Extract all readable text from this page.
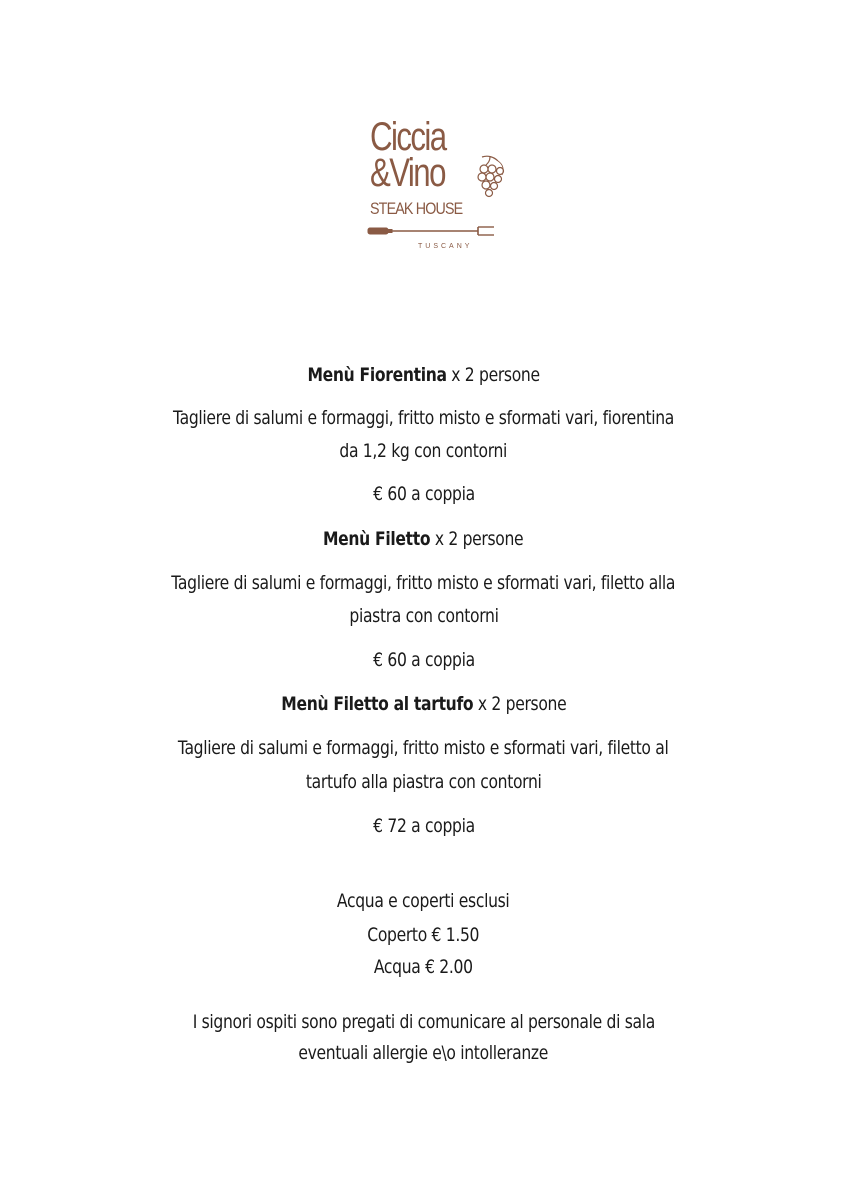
Ciccia
&Vino
STEAK HOUSE
TUSCANY
Menù Fiorentina x 2 persone
Tagliere di salumi e formaggi, fritto misto e sformati vari, fiorentina
da 1,2 kg con contorni
€ 60 a coppia
Menù Filetto x 2 persone
Tagliere di salumi e formaggi, fritto misto e sformati vari, filetto alla
piastra con contorni
€ 60 a coppia
Menù Filetto al tartufo x 2 persone
Tagliere di salumi e formaggi, fritto misto e sformati vari, filetto al
tartufo alla piastra con contorni
€ 72 a coppia
Acqua e coperti esclusi
Coperto € 1.50
Acqua € 2.00
I signori ospiti sono pregati di comunicare al personale di sala
eventuali allergie e\o intolleranze
